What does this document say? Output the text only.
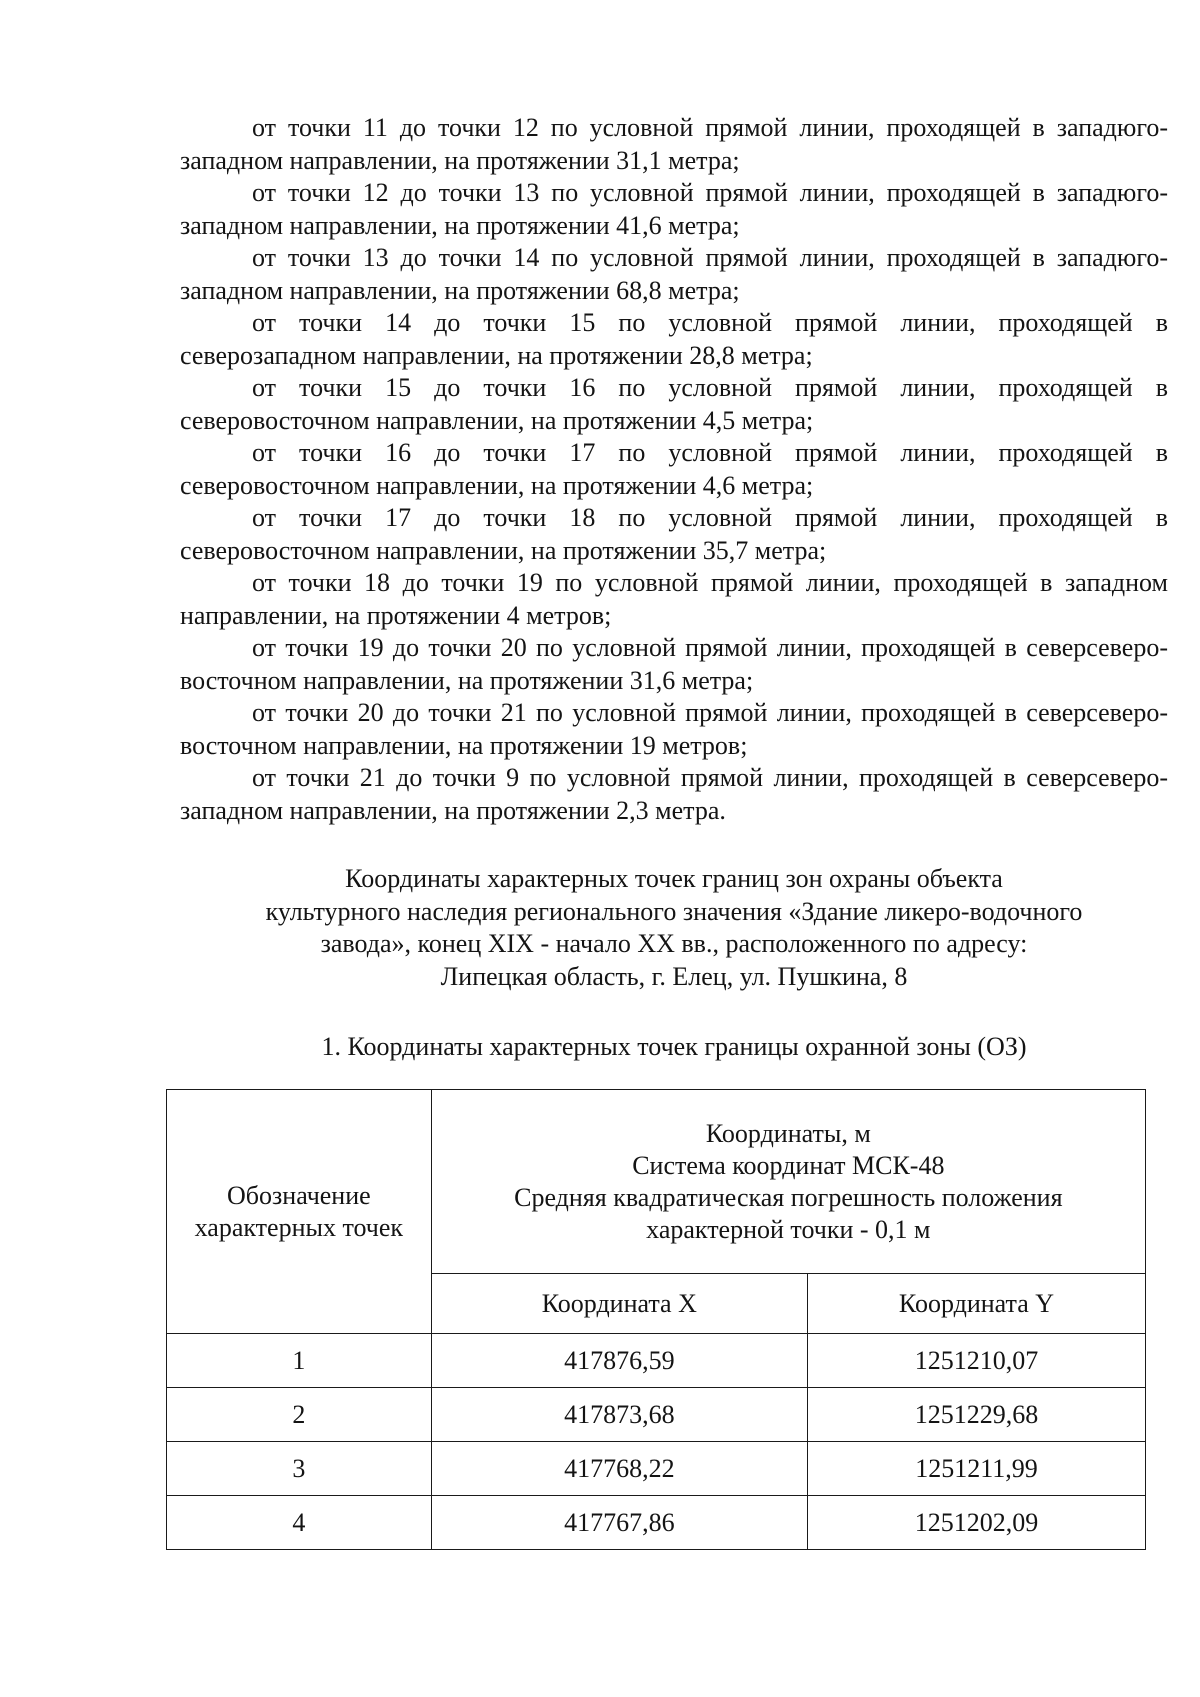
от точки 11 до точки 12 по условной прямой линии, проходящей в западюго-западном направлении, на протяжении 31,1 метра;

от точки 12 до точки 13 по условной прямой линии, проходящей в западюго-западном направлении, на протяжении 41,6 метра;

от точки 13 до точки 14 по условной прямой линии, проходящей в западюго-западном направлении, на протяжении 68,8 метра;

от точки 14 до точки 15 по условной прямой линии, проходящей в северозападном направлении, на протяжении 28,8 метра;

от точки 15 до точки 16 по условной прямой линии, проходящей в северовосточном направлении, на протяжении 4,5 метра;

от точки 16 до точки 17 по условной прямой линии, проходящей в северовосточном направлении, на протяжении 4,6 метра;

от точки 17 до точки 18 по условной прямой линии, проходящей в северовосточном направлении, на протяжении 35,7 метра;

от точки 18 до точки 19 по условной прямой линии, проходящей в западном направлении, на протяжении 4 метров;

от точки 19 до точки 20 по условной прямой линии, проходящей в северсеверо-восточном направлении, на протяжении 31,6 метра;

от точки 20 до точки 21 по условной прямой линии, проходящей в северсеверо-восточном направлении, на протяжении 19 метров;

от точки 21 до точки 9 по условной прямой линии, проходящей в северсеверо-западном направлении, на протяжении 2,3 метра.

Координаты характерных точек границ зон охраны объекта
культурного наследия регионального значения «Здание ликеро-водочного
завода», конец XIX - начало XX вв., расположенного по адресу:
Липецкая область, г. Елец, ул. Пушкина, 8
1. Координаты характерных точек границы охранной зоны (ОЗ)
Обозначение
характерных точек	Координаты, м
Система координат МСК-48
Средняя квадратическая погрешность положения
характерной точки - 0,1 м	

	Координата X	Координата Y
1	417876,59	1251210,07
2	417873,68	1251229,68
3	417768,22	1251211,99
4	417767,86	1251202,09
